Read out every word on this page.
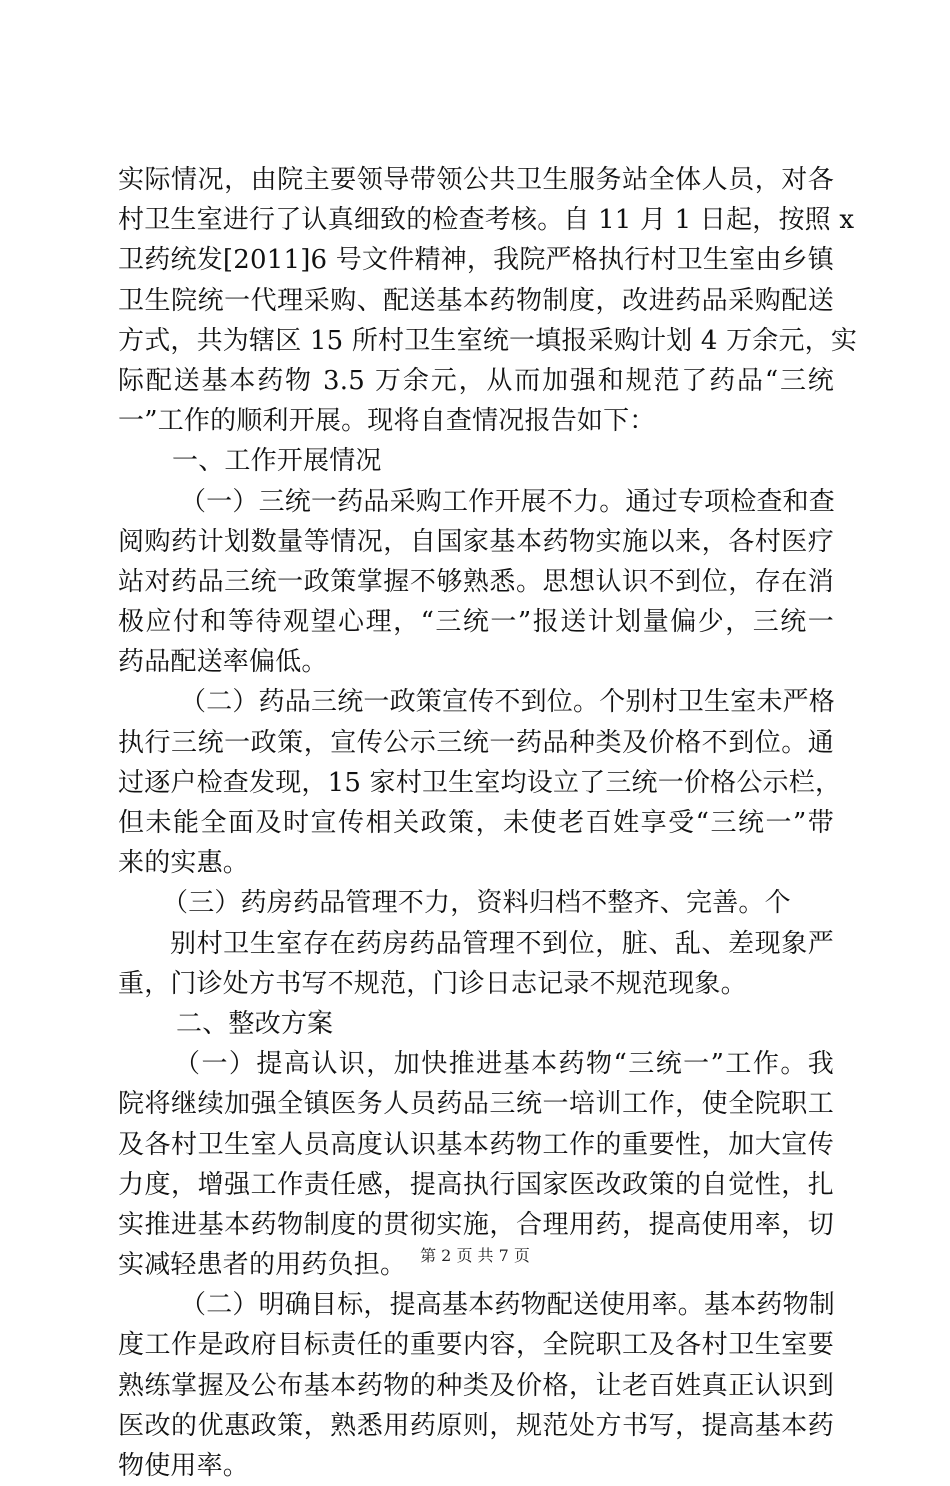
实际情况，由院主要领导带领公共卫生服务站全体人员，对各
村卫生室进行了认真细致的检查考核。自 11 月 1 日起，按照 x
卫药统发[2011]6 号文件精神，我院严格执行村卫生室由乡镇
卫生院统一代理采购、配送基本药物制度，改进药品采购配送
方式，共为辖区 15 所村卫生室统一填报采购计划 4 万余元，实
际配送基本药物 3.5 万余元，从而加强和规范了药品“三统
一”工作的顺利开展。现将自查情况报告如下：
一、工作开展情况
（一）三统一药品采购工作开展不力。通过专项检查和查
阅购药计划数量等情况，自国家基本药物实施以来，各村医疗
站对药品三统一政策掌握不够熟悉。思想认识不到位，存在消
极应付和等待观望心理，“三统一”报送计划量偏少，三统一
药品配送率偏低。
（二）药品三统一政策宣传不到位。个别村卫生室未严格
执行三统一政策，宣传公示三统一药品种类及价格不到位。通
过逐户检查发现，15 家村卫生室均设立了三统一价格公示栏，
但未能全面及时宣传相关政策，未使老百姓享受“三统一”带
来的实惠。
（三）药房药品管理不力，资料归档不整齐、完善。个
别村卫生室存在药房药品管理不到位，脏、乱、差现象严
重，门诊处方书写不规范，门诊日志记录不规范现象。
二、整改方案
（一）提高认识，加快推进基本药物“三统一”工作。我
院将继续加强全镇医务人员药品三统一培训工作，使全院职工
及各村卫生室人员高度认识基本药物工作的重要性，加大宣传
力度，增强工作责任感，提高执行国家医改政策的自觉性，扎
实推进基本药物制度的贯彻实施，合理用药，提高使用率，切
实减轻患者的用药负担。
（二）明确目标，提高基本药物配送使用率。基本药物制
度工作是政府目标责任的重要内容，全院职工及各村卫生室要
熟练掌握及公布基本药物的种类及价格，让老百姓真正认识到
医改的优惠政策，熟悉用药原则，规范处方书写，提高基本药
物使用率。
第 2 页 共 7 页
